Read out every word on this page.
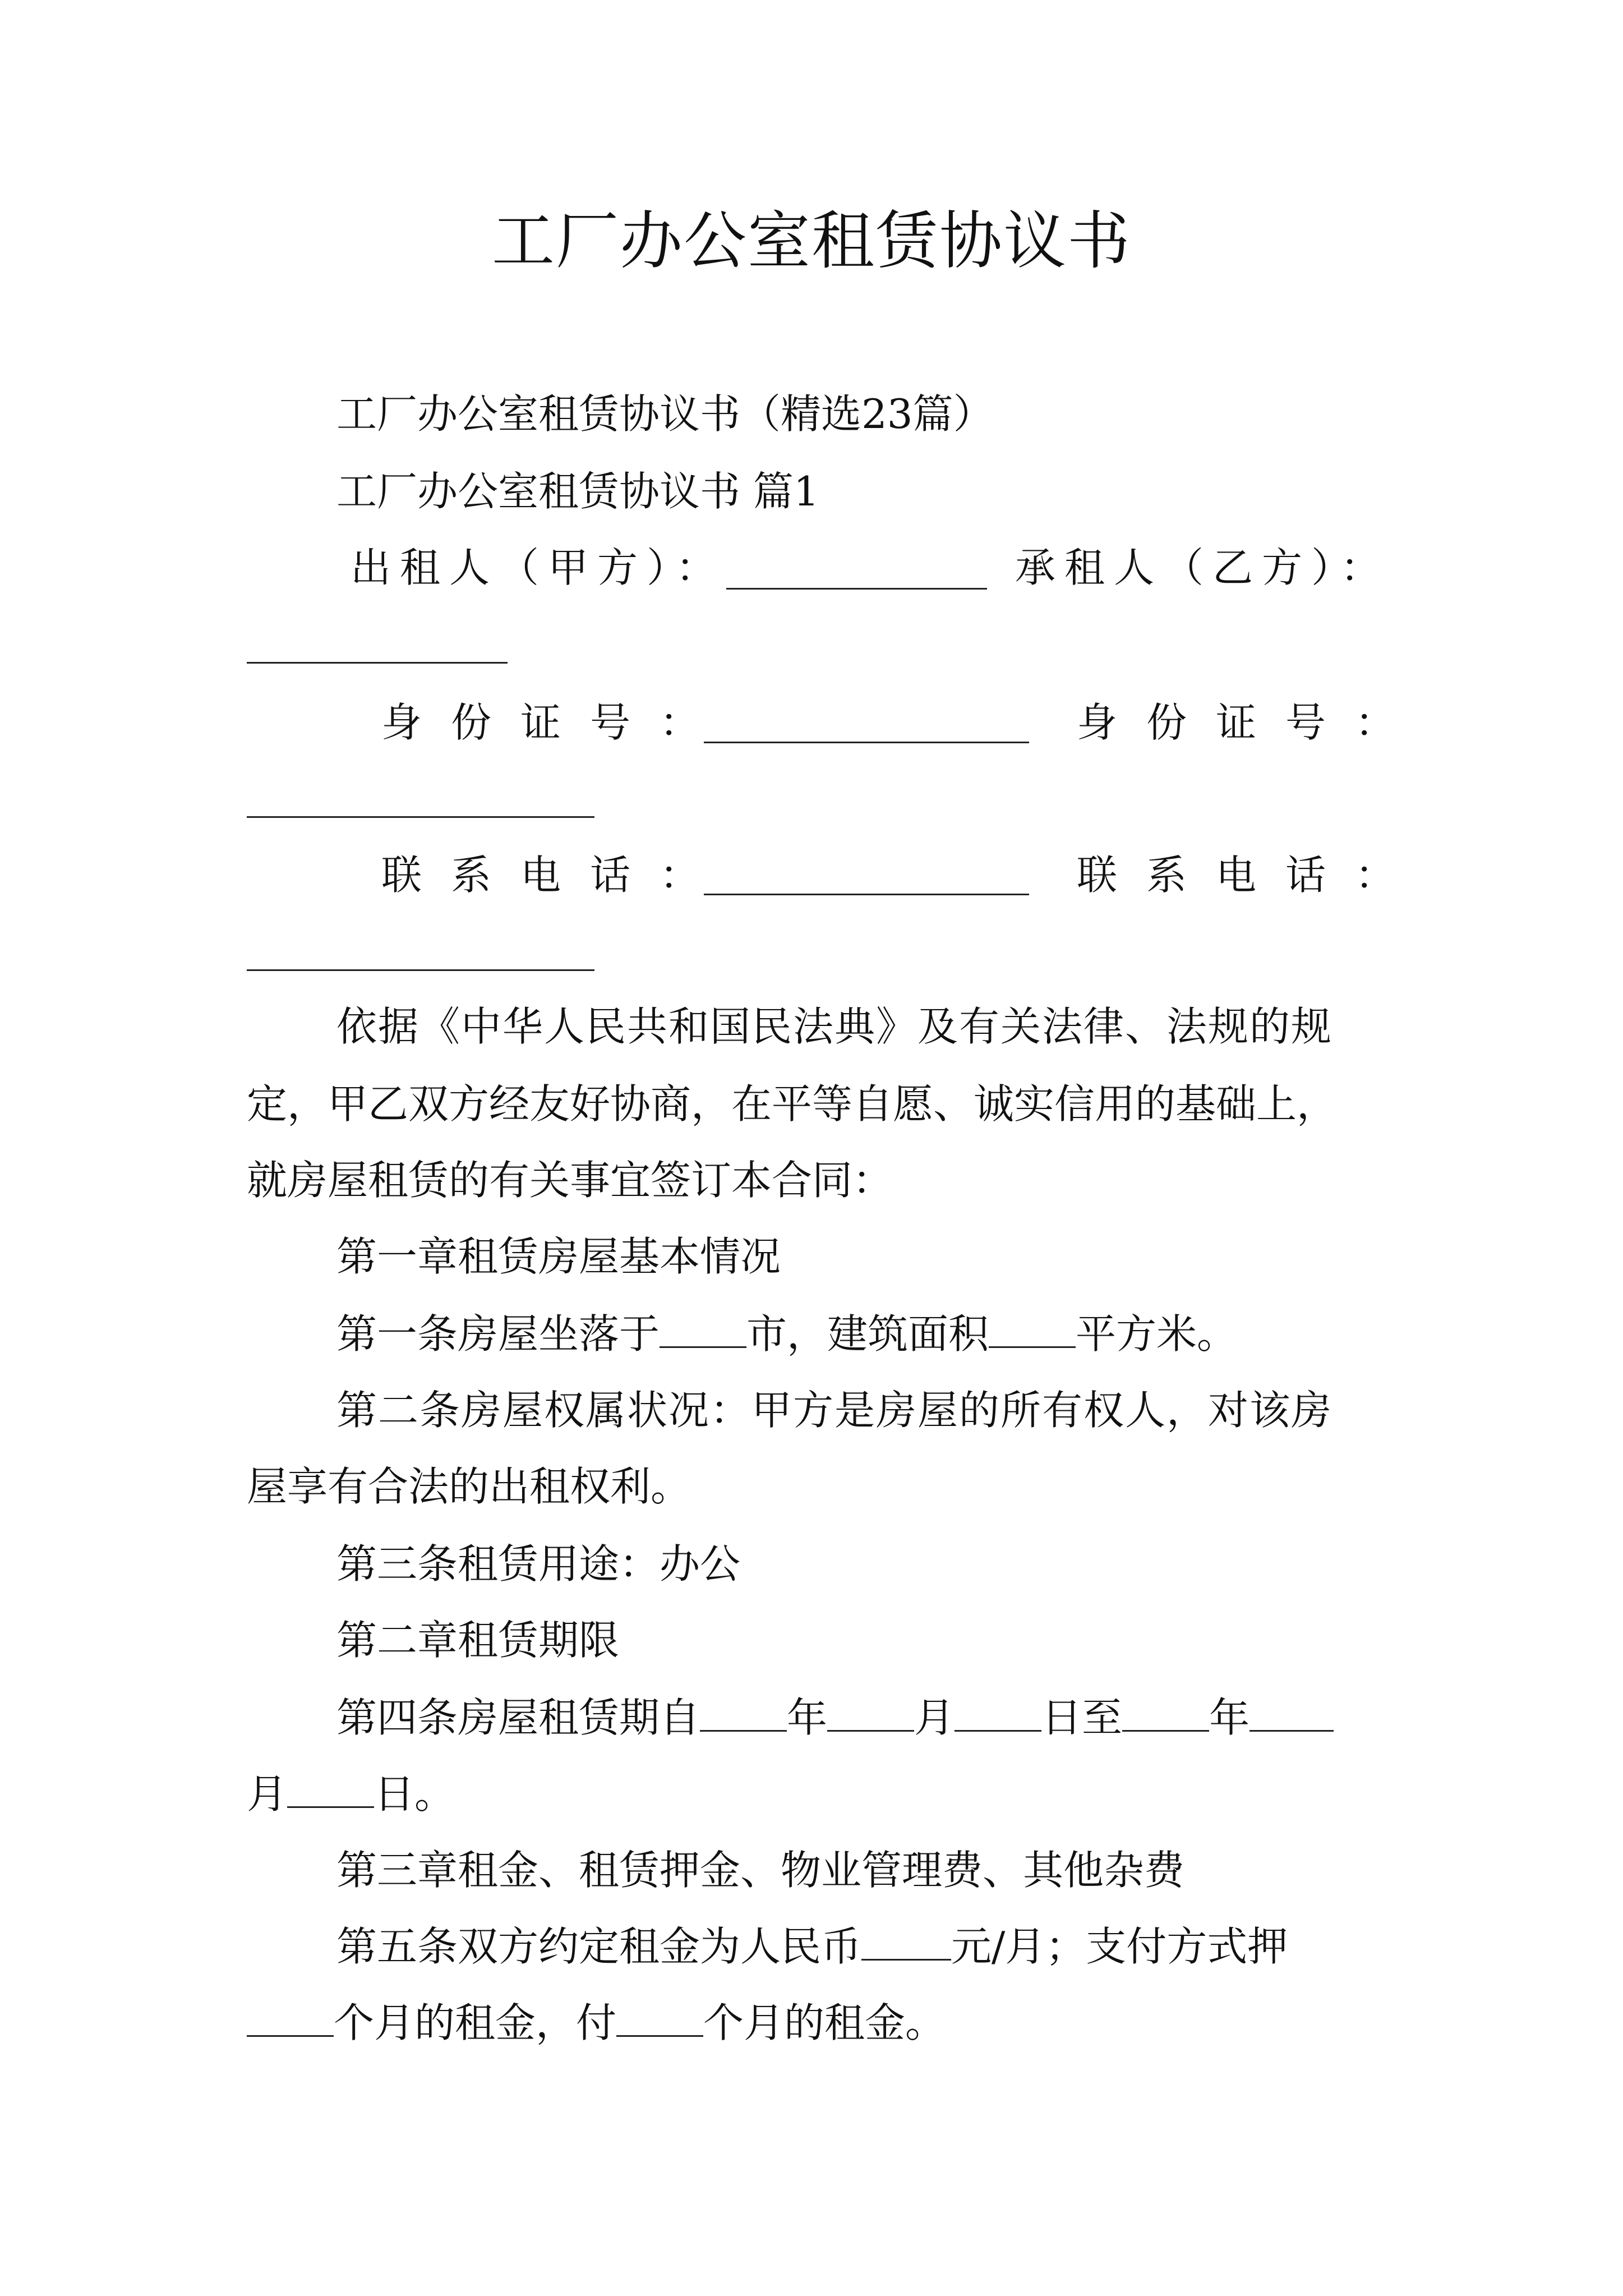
工厂办公室租赁协议书

工厂办公室租赁协议书（精选23篇）

工厂办公室租赁协议书 篇1

出租人（甲方）：	承租人（乙方）：
身份证号：	身份证号：
联系电话：	联系电话：

依据《中华人民共和国民法典》及有关法律、法规的规

定，甲乙双方经友好协商，在平等自愿、诚实信用的基础上，

就房屋租赁的有关事宜签订本合同：

第一章租赁房屋基本情况

第一条房屋坐落于 市，建筑面积 平方米。

第二条房屋权属状况：甲方是房屋的所有权人，对该房

屋享有合法的出租权利。

第三条租赁用途：办公

第二章租赁期限

第四条房屋租赁期自 年 月 日至 年

月 日。

第三章租金、租赁押金、物业管理费、其他杂费

第五条双方约定租金为人民币 元/月；支付方式押

个月的租金，付 个月的租金。
